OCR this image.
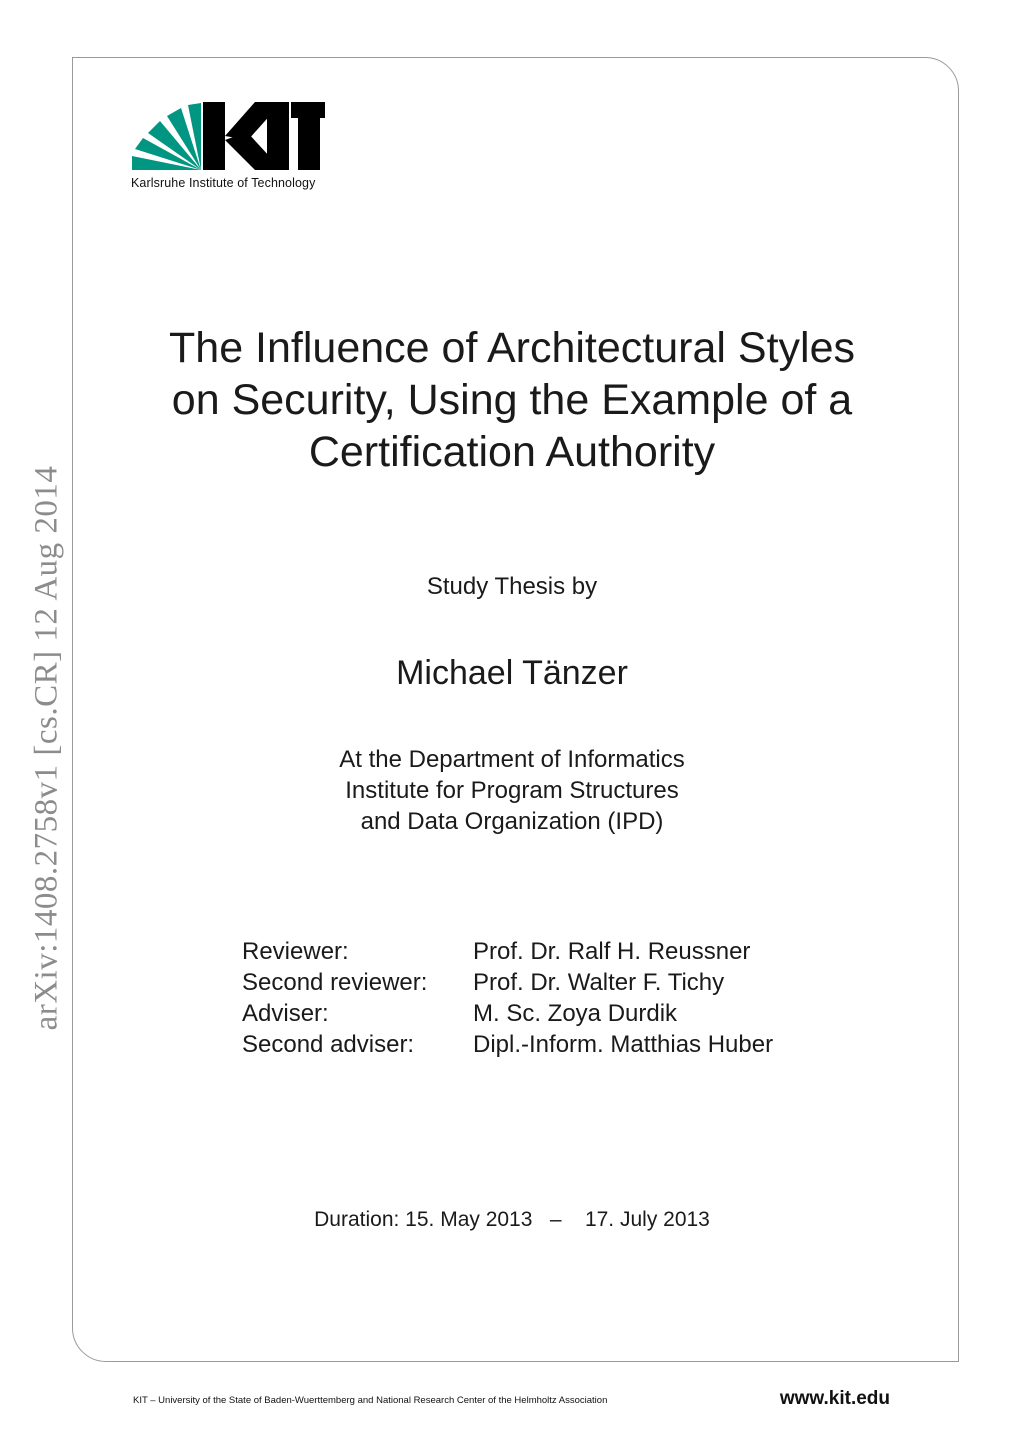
arXiv:1408.2758v1 [cs.CR] 12 Aug 2014
Karlsruhe Institute of Technology
The Influence of Architectural Styles
on Security, Using the Example of a
Certification Authority
Study Thesis by
Michael Tänzer
At the Department of Informatics
Institute for Program Structures
and Data Organization (IPD)
Reviewer:	Prof. Dr. Ralf H. Reussner
Second reviewer:	Prof. Dr. Walter F. Tichy
Adviser:	M. Sc. Zoya Durdik
Second adviser:	Dipl.-Inform. Matthias Huber
Duration: 15. May 2013   –    17. July 2013
KIT – University of the State of Baden-Wuerttemberg and National Research Center of the Helmholtz Association	www.kit.edu
